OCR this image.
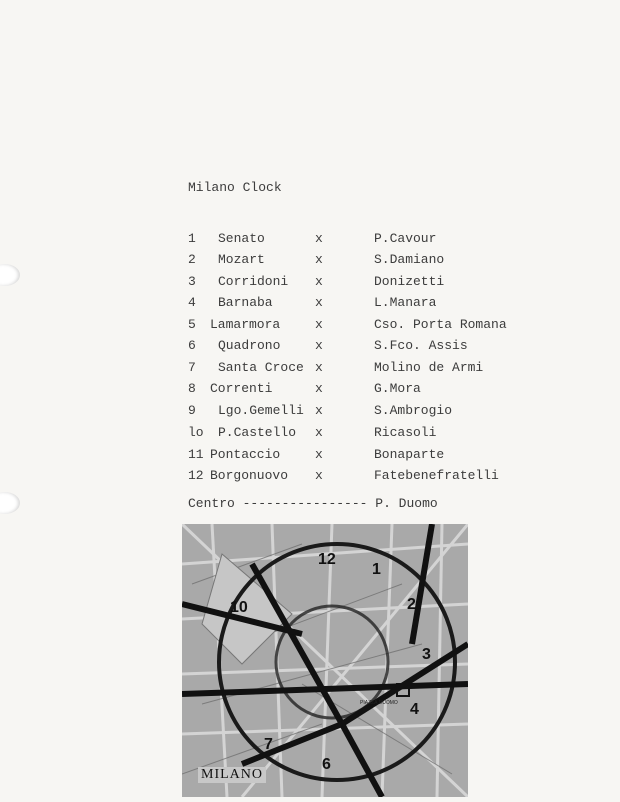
Milano Clock
1 Senato	x	P.Cavour
2 Mozart	x	S.Damiano
3 Corridoni x	Donizetti
4 Barnaba	x	L.Manara
5 Lamarmora	x	Cso. Porta Romana
6 Quadrono	x	S.Fco. Assis
7 Santa Croce x	Molino de Armi
8 Correnti	x	G.Mora
9 Lgo.Gemelli x	S.Ambrogio
lo P.Castello x	Ricasoli
11 Pontaccio	x	Bonaparte
12 Borgonuovo x	Fatebenefratelli
Centro ---------------- P. Duomo
12
1
2
3
4
6
7
10
PIAZZA DUOMO
MILANO
